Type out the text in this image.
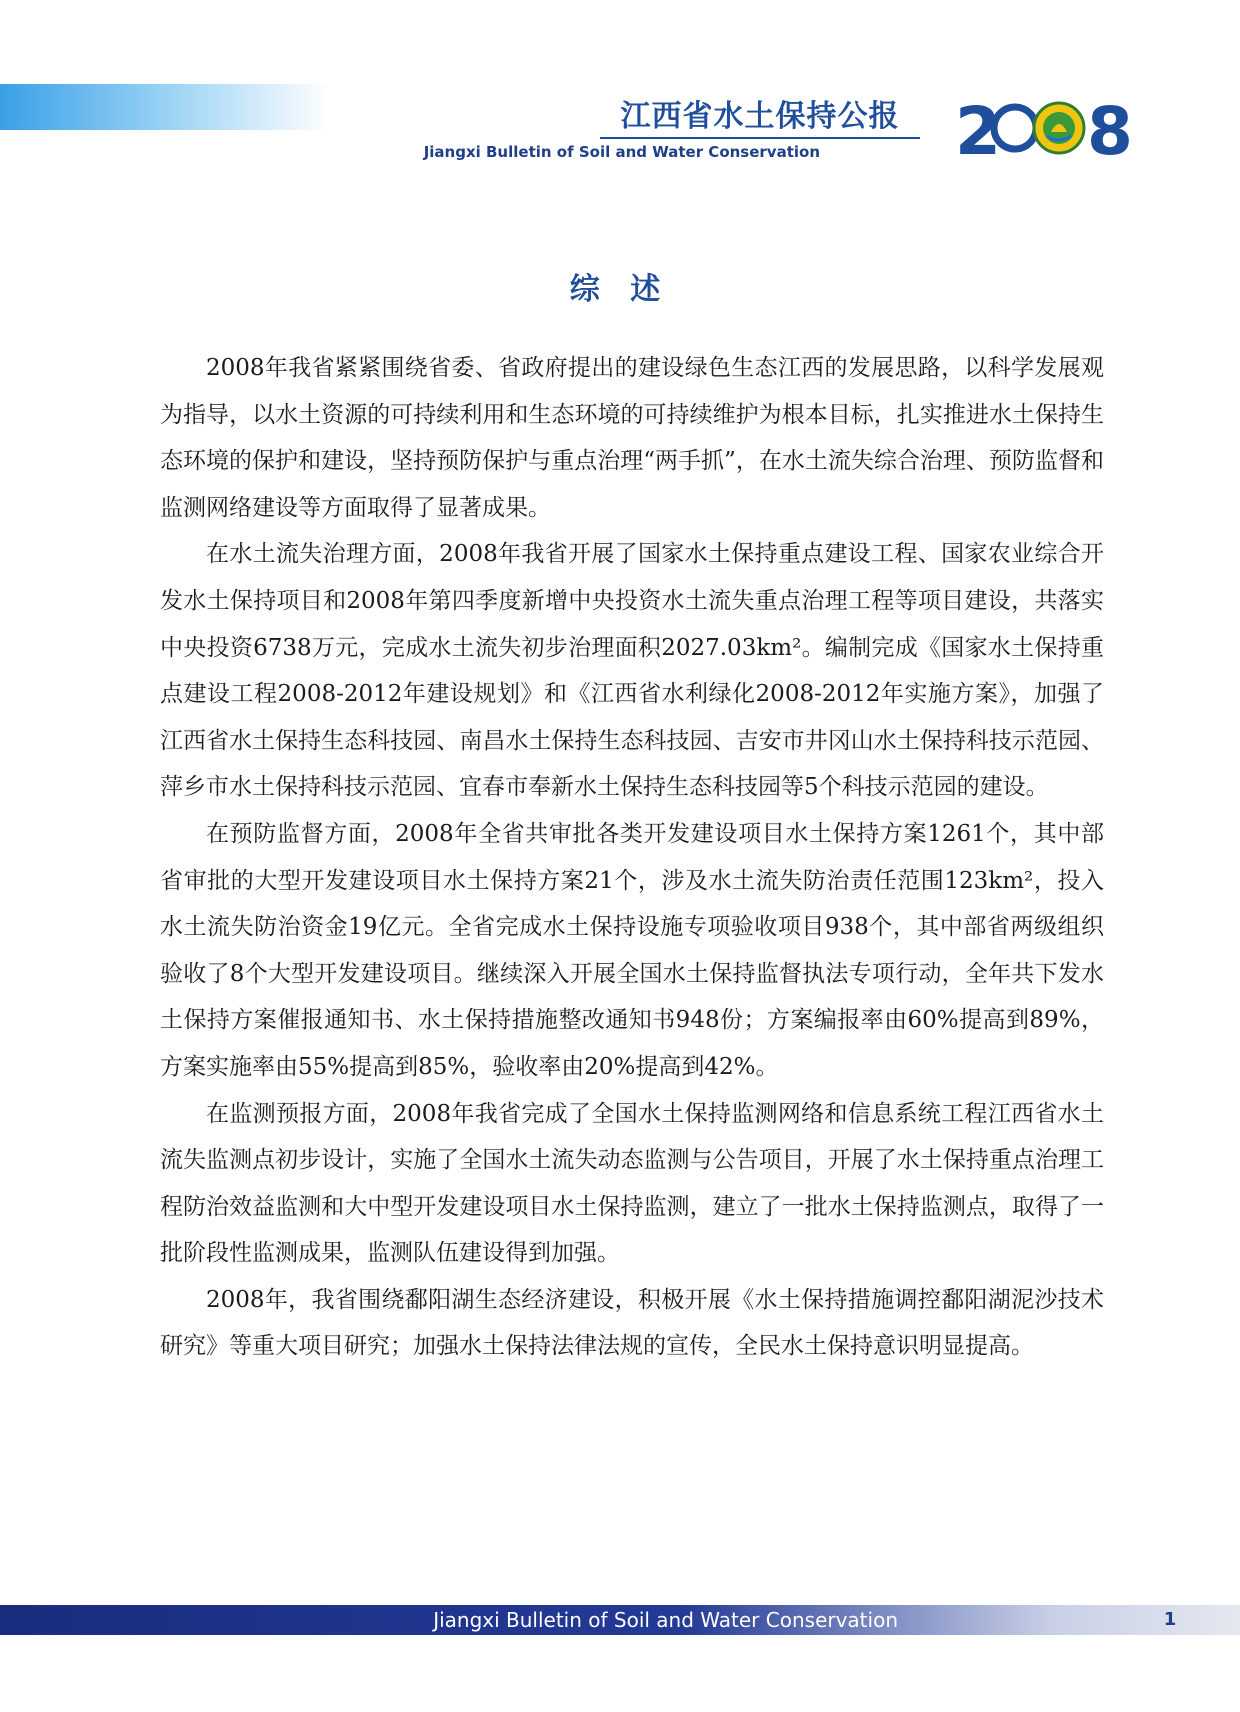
江西省水土保持公报
Jiangxi Bulletin of Soil and Water Conservation 2 8
综 述

2008年我省紧紧围绕省委、省政府提出的建设绿色生态江西的发展思路，以科学发展观为指导，以水土资源的可持续利用和生态环境的可持续维护为根本目标，扎实推进水土保持生态环境的保护和建设，坚持预防保护与重点治理“两手抓”，在水土流失综合治理、预防监督和监测网络建设等方面取得了显著成果。

在水土流失治理方面，2008年我省开展了国家水土保持重点建设工程、国家农业综合开发水土保持项目和2008年第四季度新增中央投资水土流失重点治理工程等项目建设，共落实中央投资6738万元，完成水土流失初步治理面积2027.03km²。编制完成《国家水土保持重点建设工程2008-2012年建设规划》和《江西省水利绿化2008-2012年实施方案》，加强了江西省水土保持生态科技园、南昌水土保持生态科技园、吉安市井冈山水土保持科技示范园、萍乡市水土保持科技示范园、宜春市奉新水土保持生态科技园等5个科技示范园的建设。

在预防监督方面，2008年全省共审批各类开发建设项目水土保持方案1261个，其中部省审批的大型开发建设项目水土保持方案21个，涉及水土流失防治责任范围123km²，投入水土流失防治资金19亿元。全省完成水土保持设施专项验收项目938个，其中部省两级组织验收了8个大型开发建设项目。继续深入开展全国水土保持监督执法专项行动，全年共下发水土保持方案催报通知书、水土保持措施整改通知书948份；方案编报率由60%提高到89%，方案实施率由55%提高到85%，验收率由20%提高到42%。

在监测预报方面，2008年我省完成了全国水土保持监测网络和信息系统工程江西省水土流失监测点初步设计，实施了全国水土流失动态监测与公告项目，开展了水土保持重点治理工程防治效益监测和大中型开发建设项目水土保持监测，建立了一批水土保持监测点，取得了一批阶段性监测成果，监测队伍建设得到加强。

2008年，我省围绕鄱阳湖生态经济建设，积极开展《水土保持措施调控鄱阳湖泥沙技术研究》等重大项目研究；加强水土保持法律法规的宣传，全民水土保持意识明显提高。

Jiangxi Bulletin of Soil and Water Conservation	1
